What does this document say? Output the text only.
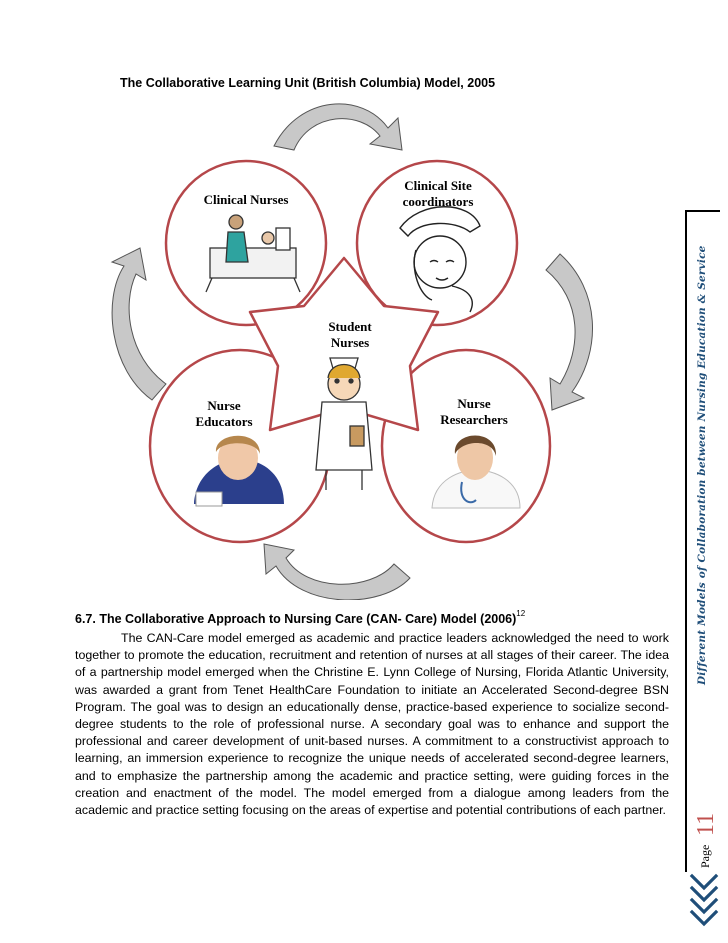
The Collaborative Learning Unit (British Columbia) Model, 2005
Clinical Nurses
Clinical Site
coordinators
Student
Nurses
Nurse
Educators
Nurse
Researchers
6.7. The Collaborative Approach to Nursing Care (CAN- Care) Model $(2006)^{12}$
The CAN-Care model emerged as academic and practice leaders acknowledged the need to work together to promote the education, recruitment and retention of nurses at all stages of their career. The idea of a partnership model emerged when the Christine E. Lynn College of Nursing, Florida Atlantic University, was awarded a grant from Tenet HealthCare Foundation to initiate an Accelerated Second-degree BSN Program. The goal was to design an educationally dense, practice-based experience to socialize second-degree students to the role of professional nurse. A secondary goal was to enhance and support the professional and career development of unit-based nurses. A commitment to a constructivist approach to learning, an immersion experience to recognize the unique needs of accelerated second-degree learners, and to emphasize the partnership among the academic and practice setting, were guiding forces in the creation and enactment of the model. The model emerged from a dialogue among leaders from the academic and practice setting focusing on the areas of expertise and potential contributions of each partner.
Different Models of Collaboration between Nursing Education & Service
Page
11
